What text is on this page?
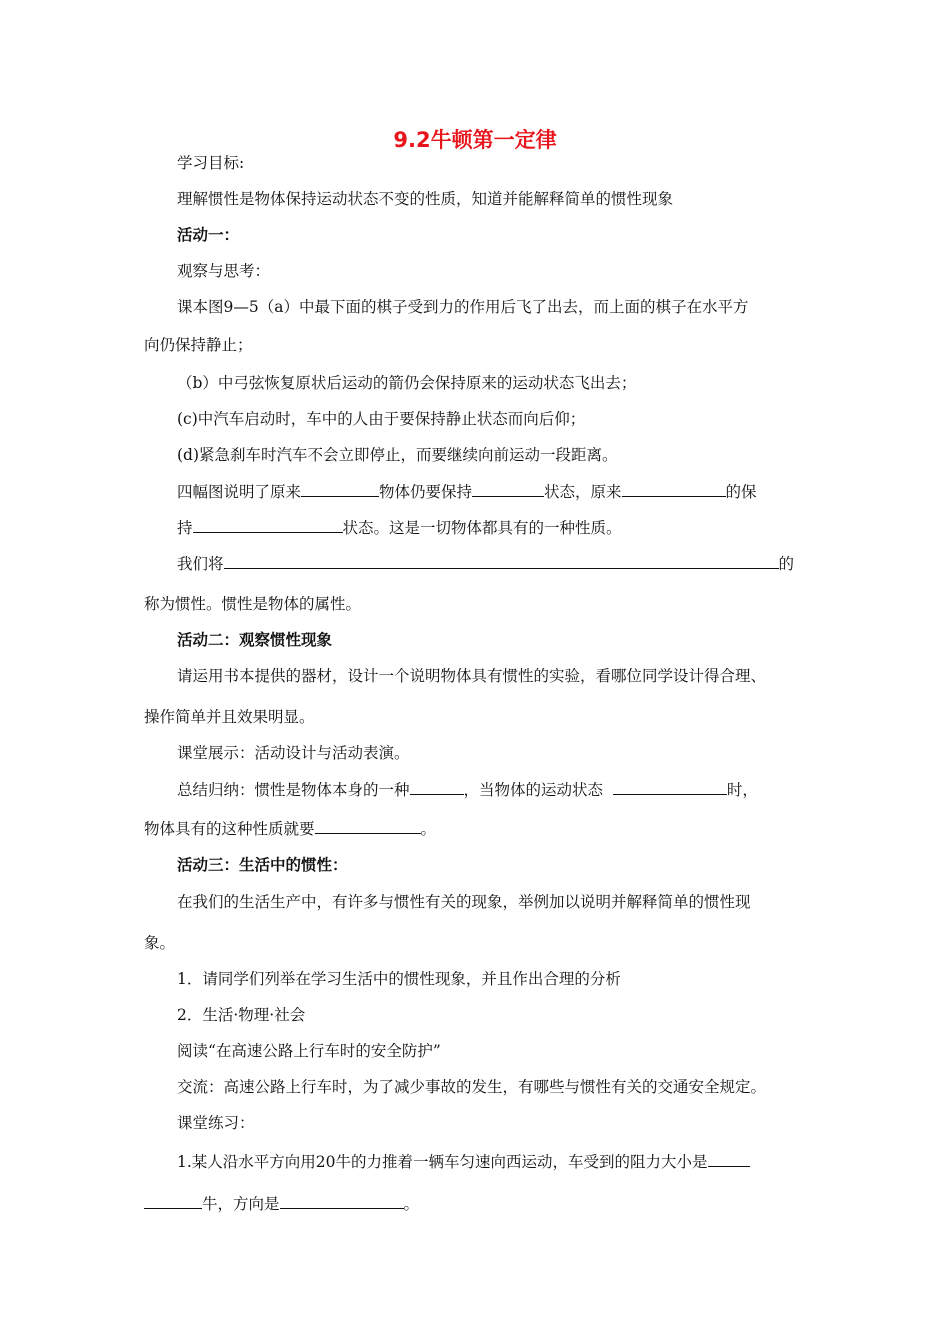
9.2牛顿第一定律
学习目标:
理解惯性是物体保持运动状态不变的性质，知道并能解释简单的惯性现象
活动一：
观察与思考：
课本图9—5（a）中最下面的棋子受到力的作用后飞了出去，而上面的棋子在水平方
向仍保持静止；
（b）中弓弦恢复原状后运动的箭仍会保持原来的运动状态飞出去；
(c)中汽车启动时，车中的人由于要保持静止状态而向后仰；
(d)紧急刹车时汽车不会立即停止，而要继续向前运动一段距离。
四幅图说明了原来	物体仍要保持	状态，原来	的保
持	状态。这是一切物体都具有的一种性质。
我们将	的
称为惯性。惯性是物体的属性。
活动二：观察惯性现象
请运用书本提供的器材，设计一个说明物体具有惯性的实验，看哪位同学设计得合理、
操作简单并且效果明显。
课堂展示：活动设计与活动表演。
总结归纳：惯性是物体本身的一种	，当物体的运动状态	时，
物体具有的这种性质就要	。
活动三：生活中的惯性：
在我们的生活生产中，有许多与惯性有关的现象，举例加以说明并解释简单的惯性现
象。
1．请同学们列举在学习生活中的惯性现象，并且作出合理的分析
2．生活·物理·社会
阅读“在高速公路上行车时的安全防护”
交流：高速公路上行车时，为了减少事故的发生，有哪些与惯性有关的交通安全规定。
课堂练习：
1.某人沿水平方向用20牛的力推着一辆车匀速向西运动，车受到的阻力大小是
牛，方向是	。
